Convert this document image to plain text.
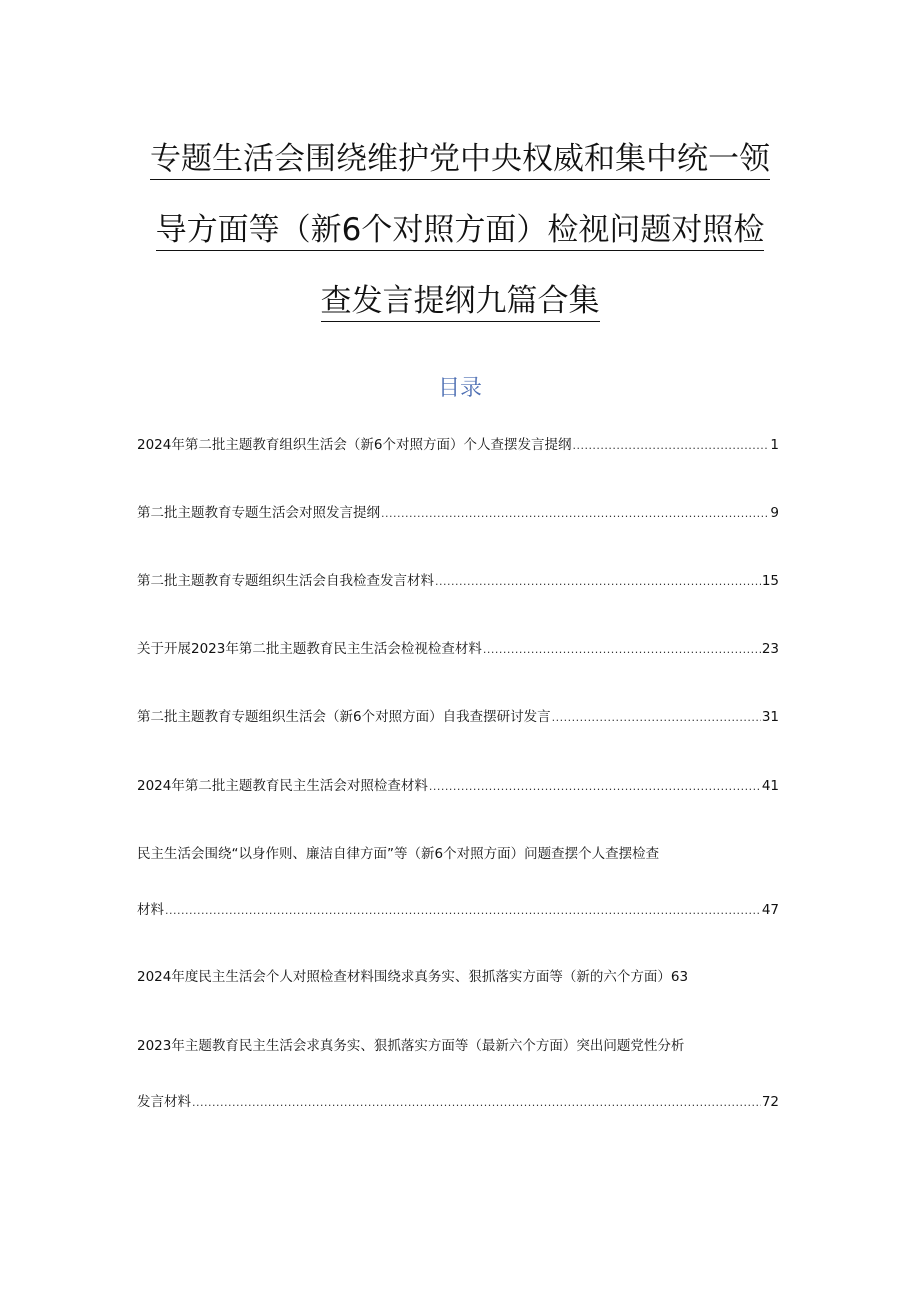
专题生活会围绕维护党中央权威和集中统一领
导方面等（新6个对照方面）检视问题对照检
查发言提纲九篇合集
目录
2024年第二批主题教育组织生活会（新6个对照方面）个人查摆发言提纲 .....	1
第二批主题教育专题生活会对照发言提纲 .....	9
第二批主题教育专题组织生活会自我检查发言材料 .....	15
关于开展2023年第二批主题教育民主生活会检视检查材料 .....	23
第二批主题教育专题组织生活会（新6个对照方面）自我查摆研讨发言 .....	31
2024年第二批主题教育民主生活会对照检查材料 .....	41
民主生活会围绕“以身作则、廉洁自律方面”等（新6个对照方面）问题查摆个人查摆检查
材料 .....	47
2024年度民主生活会个人对照检查材料围绕求真务实、狠抓落实方面等（新的六个方面）63
2023年主题教育民主生活会求真务实、狠抓落实方面等（最新六个方面）突出问题党性分析
发言材料 .....	72
